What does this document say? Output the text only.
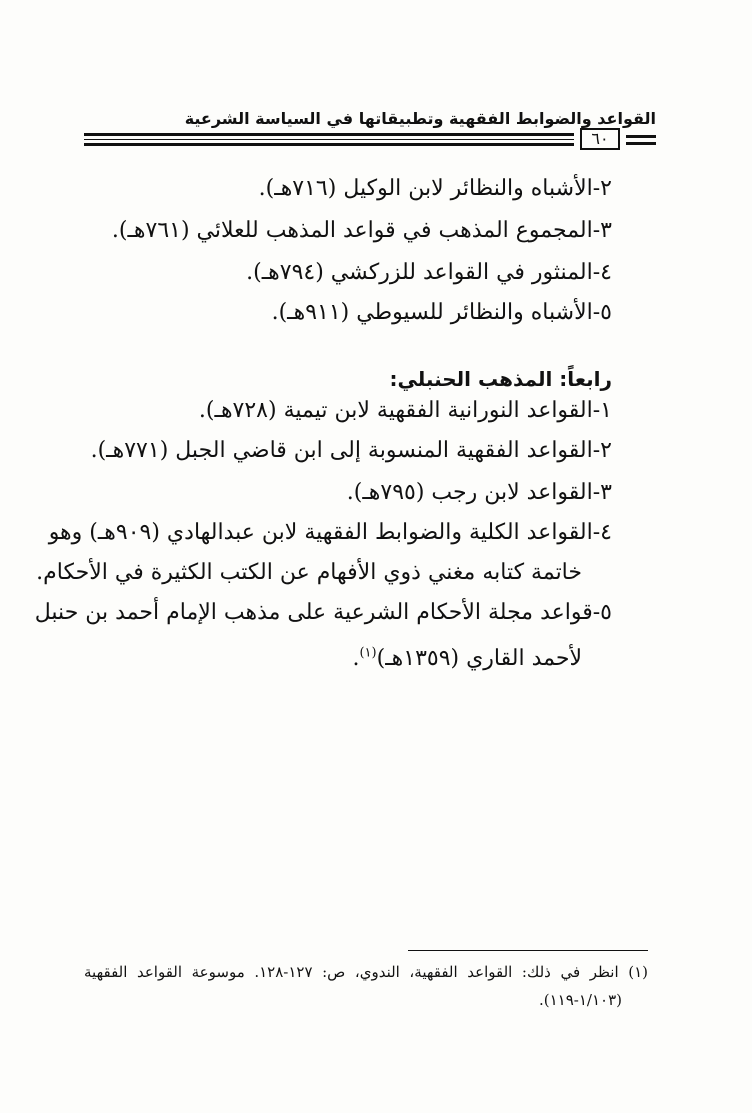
القواعد والضوابط الفقهية وتطبيقاتها في السياسة الشرعية
٦٠
٢-الأشباه والنظائر لابن الوكيل (٧١٦هـ).
٣-المجموع المذهب في قواعد المذهب للعلائي (٧٦١هـ).
٤-المنثور في القواعد للزركشي (٧٩٤هـ).
٥-الأشباه والنظائر للسيوطي (٩١١هـ).
رابعاً: المذهب الحنبلي:
١-القواعد النورانية الفقهية لابن تيمية (٧٢٨هـ).
٢-القواعد الفقهية المنسوبة إلى ابن قاضي الجبل (٧٧١هـ).
٣-القواعد لابن رجب (٧٩٥هـ).
٤-القواعد الكلية والضوابط الفقهية لابن عبدالهادي (٩٠٩هـ) وهو
خاتمة كتابه مغني ذوي الأفهام عن الكتب الكثيرة في الأحكام.
٥-قواعد مجلة الأحكام الشرعية على مذهب الإمام أحمد بن حنبل
لأحمد القاري (١٣٥٩هـ)$^{(١)}$.
(١) انظر في ذلك: القواعد الفقهية، الندوي، ص: ١٢٧-١٢٨. موسوعة القواعد الفقهية
(١/١٠٣-١١٩).
